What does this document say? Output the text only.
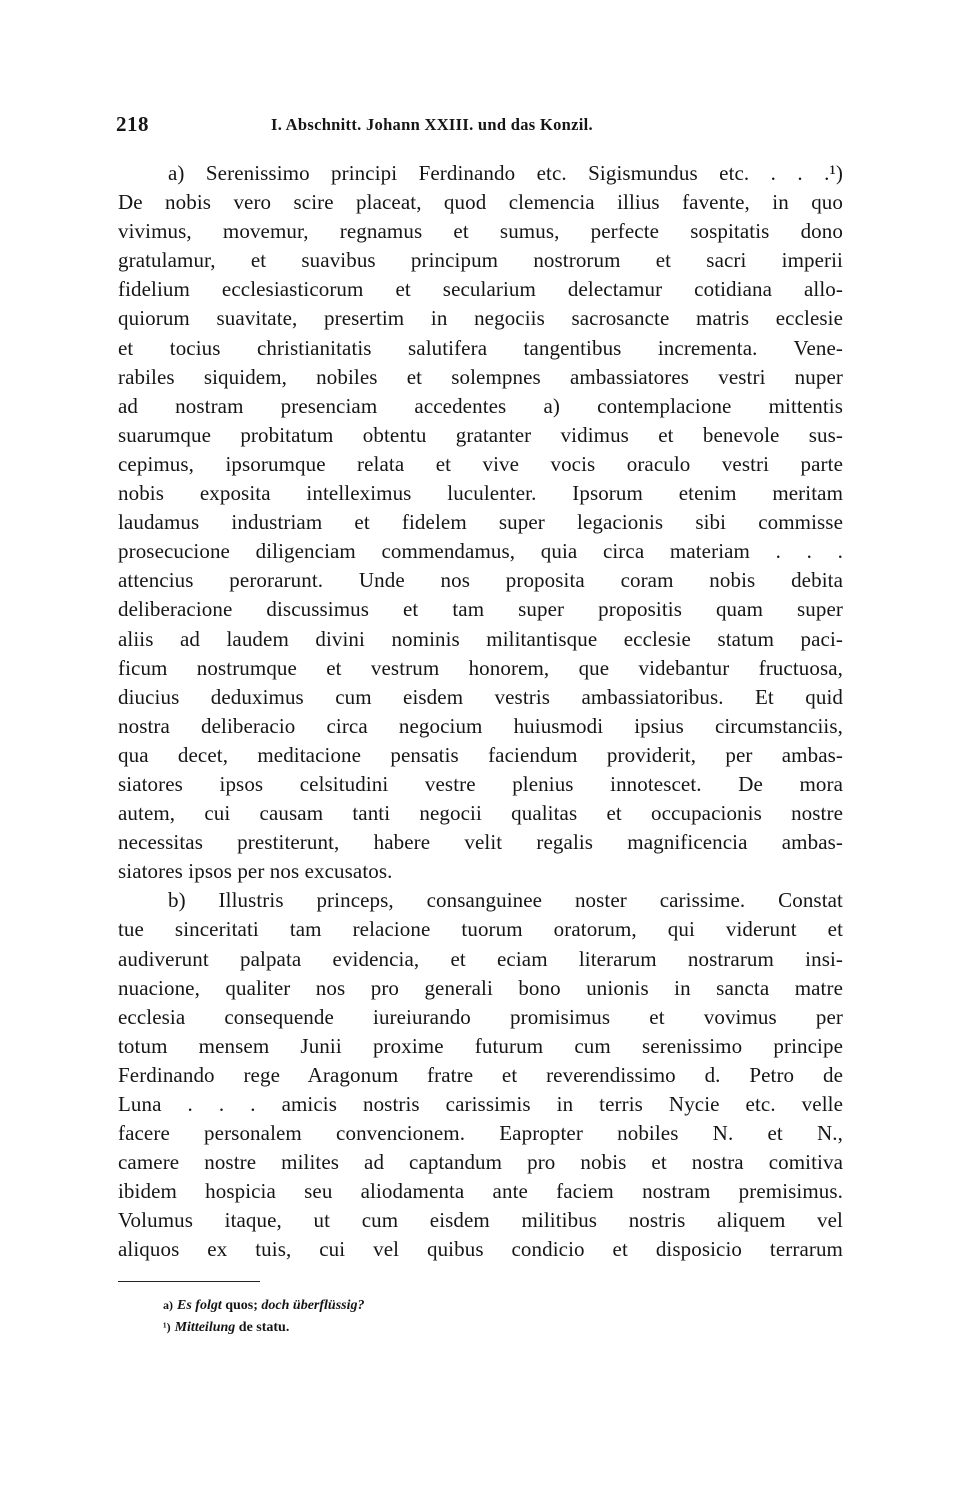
218	I. Abschnitt. Johann XXIII. und das Konzil.
a) Serenissimo principi Ferdinando etc. Sigismundus etc. . . .¹)
De nobis vero scire placeat, quod clemencia illius favente, in quo
vivimus, movemur, regnamus et sumus, perfecte sospitatis dono
gratulamur, et suavibus principum nostrorum et sacri imperii
fidelium ecclesiasticorum et secularium delectamur cotidiana allo-
quiorum suavitate, presertim in negociis sacrosancte matris ecclesie
et tocius christianitatis salutifera tangentibus incrementa. Vene-
rabiles siquidem, nobiles et solempnes ambassiatores vestri nuper
ad nostram presenciam accedentes a) contemplacione mittentis
suarumque probitatum obtentu gratanter vidimus et benevole sus-
cepimus, ipsorumque relata et vive vocis oraculo vestri parte
nobis exposita intelleximus luculenter. Ipsorum etenim meritam
laudamus industriam et fidelem super legacionis sibi commisse
prosecucione diligenciam commendamus, quia circa materiam . . .
attencius perorarunt. Unde nos proposita coram nobis debita
deliberacione discussimus et tam super propositis quam super
aliis ad laudem divini nominis militantisque ecclesie statum paci-
ficum nostrumque et vestrum honorem, que videbantur fructuosa,
diucius deduximus cum eisdem vestris ambassiatoribus. Et quid
nostra deliberacio circa negocium huiusmodi ipsius circumstanciis,
qua decet, meditacione pensatis faciendum providerit, per ambas-
siatores ipsos celsitudini vestre plenius innotescet. De mora
autem, cui causam tanti negocii qualitas et occupacionis nostre
necessitas prestiterunt, habere velit regalis magnificencia ambas-
siatores ipsos per nos excusatos.
b) Illustris princeps, consanguinee noster carissime. Constat
tue sinceritati tam relacione tuorum oratorum, qui viderunt et
audiverunt palpata evidencia, et eciam literarum nostrarum insi-
nuacione, qualiter nos pro generali bono unionis in sancta matre
ecclesia consequende iureiurando promisimus et vovimus per
totum mensem Junii proxime futurum cum serenissimo principe
Ferdinando rege Aragonum fratre et reverendissimo d. Petro de
Luna . . . amicis nostris carissimis in terris Nycie etc. velle
facere personalem convencionem. Eapropter nobiles N. et N.,
camere nostre milites ad captandum pro nobis et nostra comitiva
ibidem hospicia seu aliodamenta ante faciem nostram premisimus.
Volumus itaque, ut cum eisdem militibus nostris aliquem vel
aliquos ex tuis, cui vel quibus condicio et disposicio terrarum
a) Es folgt quos; doch überflüssig?
¹) Mitteilung de statu.
